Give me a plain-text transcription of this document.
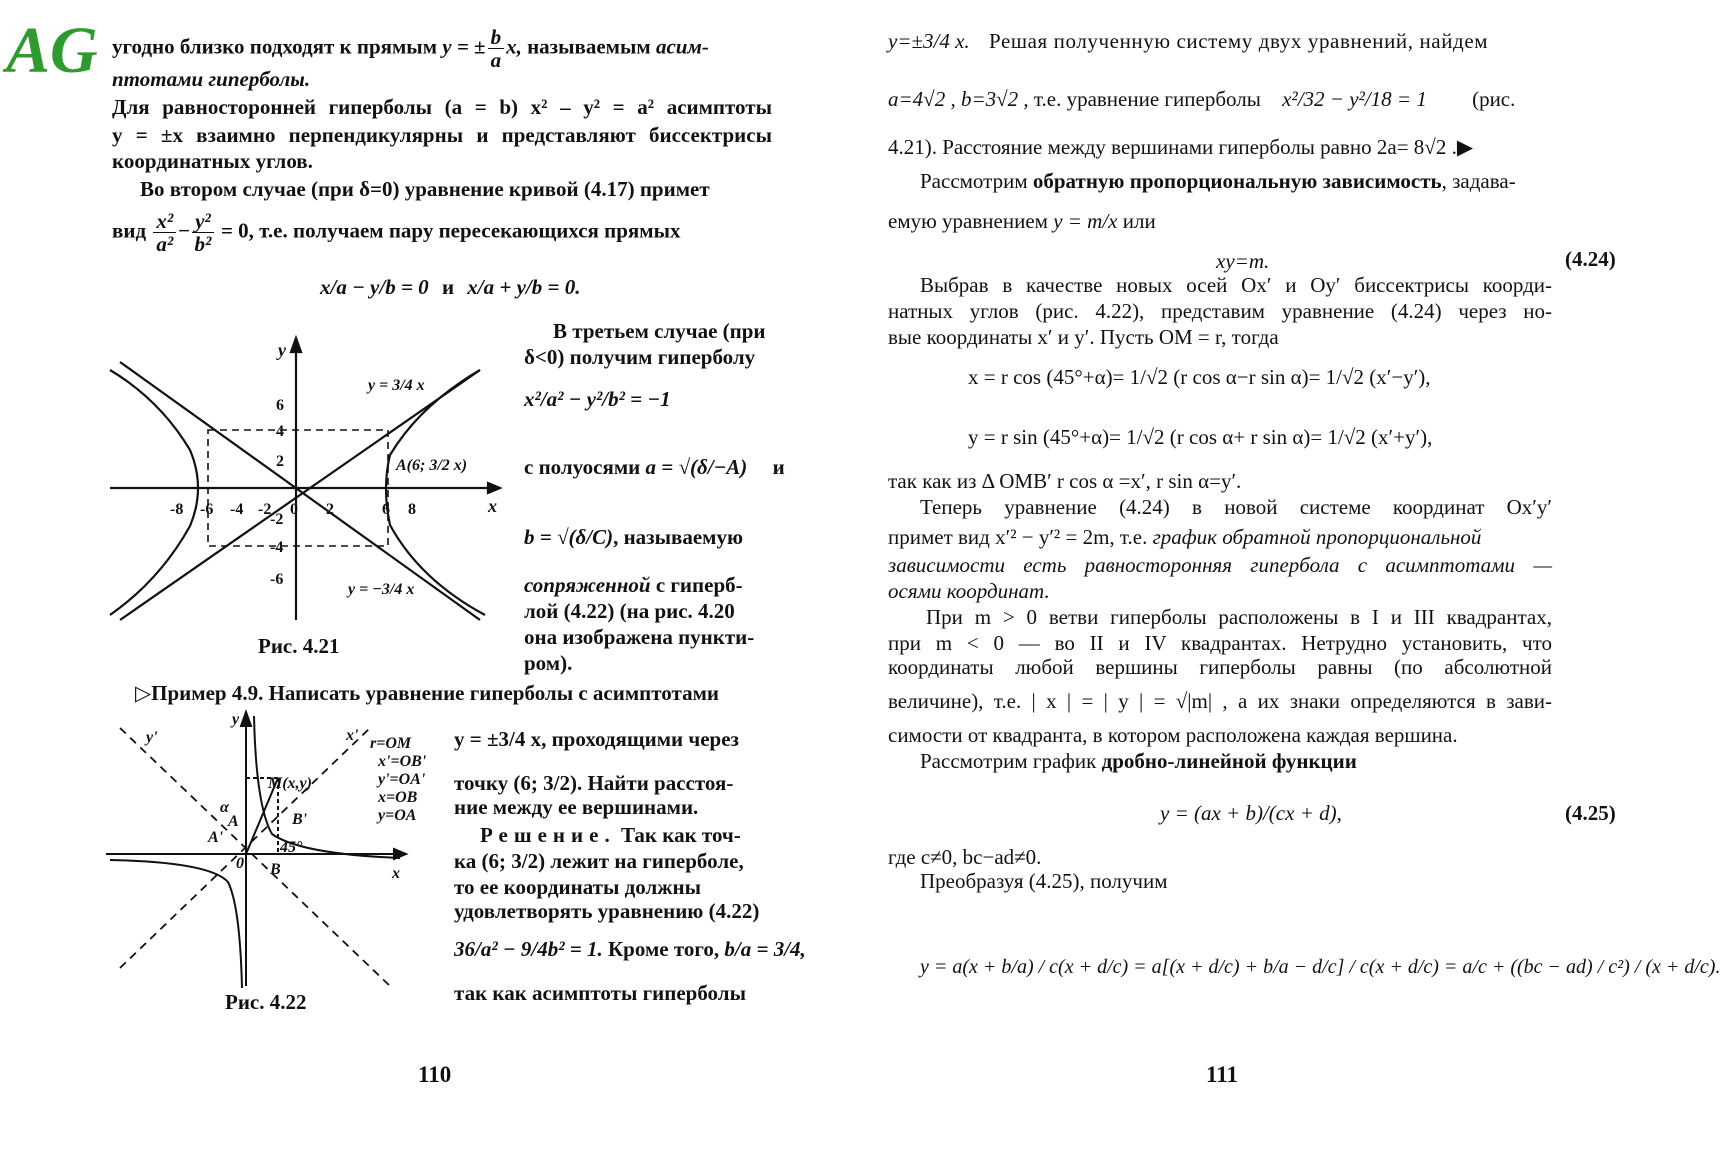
AG угодно близко подходят к прямым y = ± $\frac{b}{a} x$, называемым асим-
птотами гиперболы.
Для равносторонней гиперболы (a = b) x² – y² = a² асимптоты
y = ±x взаимно перпендикулярны и представляют биссектрисы
координатных углов.
Во втором случае (при δ=0) уравнение кривой (4.17) примет
вид $\frac{\text{x²}}{\text{a²}} - \frac{\text{y²}}{\text{b²}} = 0$, т.е. получаем пару пересекающихся прямых
x/a − y/b = 0 и x/a + y/b = 0.
В третьем случае (при
δ<0) получим гиперболу
x²/a² − y²/b² = −1
с полуосями a = √(δ/−A) и
b = √(δ/C), называемую
сопряженной с гиперб-
лой (4.22) (на рис. 4.20
она изображена пункти-
ром).
y
x
y = 3/4 x
y = −3/4 x
A(6; 3/2 x)
6
4
2
-2
-4
-6
-8 -6 -4 -2 0 2	6 8
Рис. 4.21
▷Пример 4.9. Написать уравнение гиперболы с асимптотами
y = ±3/4 x, проходящими через
точку (6; 3/2). Найти расстоя-
ние между ее вершинами.
Решение. Так как точ-
ка (6; 3/2) лежит на гиперболе,
то ее координаты должны
удовлетворять уравнению (4.22)
36/a² − 9/4b² = 1. Кроме того, b/a = 3/4,
так как асимптоты гиперболы
y
x
y'	x' r=OM
x'=OB'
y'=OA'
x=OB
y=OA
M(x,y)
α
A'
A	B'
B
45°
0
Рис. 4.22
110
y=±3/4 x. Решая полученную систему двух уравнений, найдем
a=4√2 , b=3√2 , т.е. уравнение гиперболы x²/32 − y²/18 = 1 (рис.
4.21). Расстояние между вершинами гиперболы равно 2a= 8√2 .▶
Рассмотрим обратную пропорциональную зависимость, задава-
емую уравнением y = m/x или
xy=m.	(4.24)
Выбрав в качестве новых осей Ox′ и Oy′ биссектрисы коорди-
натных углов (рис. 4.22), представим уравнение (4.24) через но-
вые координаты x′ и y′. Пусть OM = r, тогда
x = r cos (45°+α)= 1/√2 (r cos α−r sin α)= 1/√2 (x′−y′),
y = r sin (45°+α)= 1/√2 (r cos α+ r sin α)= 1/√2 (x′+y′),
так как из Δ OMB′ r cos α =x′, r sin α=y′.
Теперь уравнение (4.24) в новой системе координат Ox′y′
примет вид x′² − y′² = 2m, т.е. график обратной пропорциональной
зависимости есть равносторонняя гипербола с асимптотами —
осями координат.
При m > 0 ветви гиперболы расположены в I и III квадрантах,
при m < 0 — во II и IV квадрантах. Нетрудно установить, что
координаты любой вершины гиперболы равны (по абсолютной
величине), т.е. | x | = | y | = √|m| , а их знаки определяются в зави-
симости от квадранта, в котором расположена каждая вершина.
Рассмотрим график дробно-линейной функции
y = (ax + b)/(cx + d),	(4.25)
где c≠0, bc−ad≠0.
Преобразуя (4.25), получим
y = a(x + b/a) / c(x + d/c) = a[(x + d/c) + b/a − d/c] / c(x + d/c) = a/c + ((bc − ad) / c²) / (x + d/c).
111
